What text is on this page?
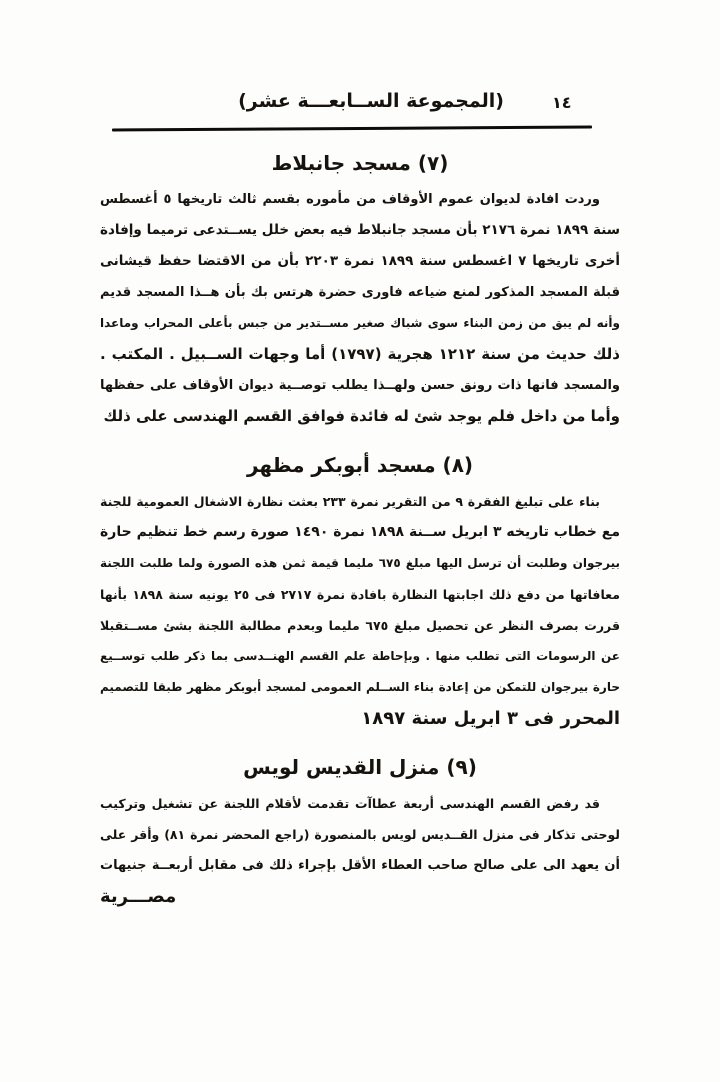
(المجموعة الســابعـــة عشر)	١٤
(٧) مسجد جانبلاط

وردت افادة لديوان عموم الأوقاف من مأموره بقسم ثالث تاريخها ٥ أغسطس

سنة ١٨٩٩ نمرة ٢١٧٦ بأن مسجد جانبلاط فيه بعض خلل يســتدعى ترميما وإفادة

أخرى تاريخها ٧ اغسطس سنة ١٨٩٩ نمرة ٢٢٠٣ بأن من الاقتضا حفظ قيشانى

قبلة المسجد المذكور لمنع ضياعه فاورى حضرة هرتس بك بأن هــذا المسجد قديم

وأنه لم يبق من زمن البناء سوى شباك صغير مســتدير من جبس بأعلى المحراب وماعدا

ذلك حديث من سنة ١٢١٢ هجرية (١٧٩٧) أما وجهات الســبيل . المكتب .

والمسجد فانها ذات رونق حسن ولهــذا يطلب توصــية ديوان الأوقاف على حفظها

وأما من داخل فلم يوجد شئ له فائدة فوافق القسم الهندسى على ذلك

(٨) مسجد أبوبكر مظهر

بناء على تبليغ الفقرة ٩ من التقرير نمرة ٢٣٣ بعثت نظارة الاشغال العمومية للجنة

مع خطاب تاريخه ٣ ابريل ســنة ١٨٩٨ نمرة ١٤٩٠ صورة رسم خط تنظيم حارة

بيرجوان وطلبت أن ترسل اليها مبلغ ٦٧٥ مليما قيمة ثمن هذه الصورة ولما طلبت اللجنة

معافاتها من دفع ذلك اجابتها النظارة بافادة نمرة ٢٧١٧ فى ٢٥ يونيه سنة ١٨٩٨ بأنها

قررت بصرف النظر عن تحصيل مبلغ ٦٧٥ مليما وبعدم مطالبة اللجنة بشئ مســتقبلا

عن الرسومات التى تطلب منها . وبإحاطة علم القسم الهنــدسى بما ذكر طلب توســيع

حارة بيرجوان للتمكن من إعادة بناء الســلم العمومى لمسجد أبوبكر مظهر طبقا للتصميم

المحرر فى ٣ ابريل سنة ١٨٩٧

(٩) منزل القديس لويس

قد رفض القسم الهندسى أربعة عطاآت تقدمت لأقلام اللجنة عن تشغيل وتركيب

لوحتى تذكار فى منزل القــديس لويس بالمنصورة (راجع المحضر نمرة ٨١) وأقر على

أن يعهد الى على صالح صاحب العطاء الأقل بإجراء ذلك فى مقابل أربعــة جنيهات

مصـــرية
